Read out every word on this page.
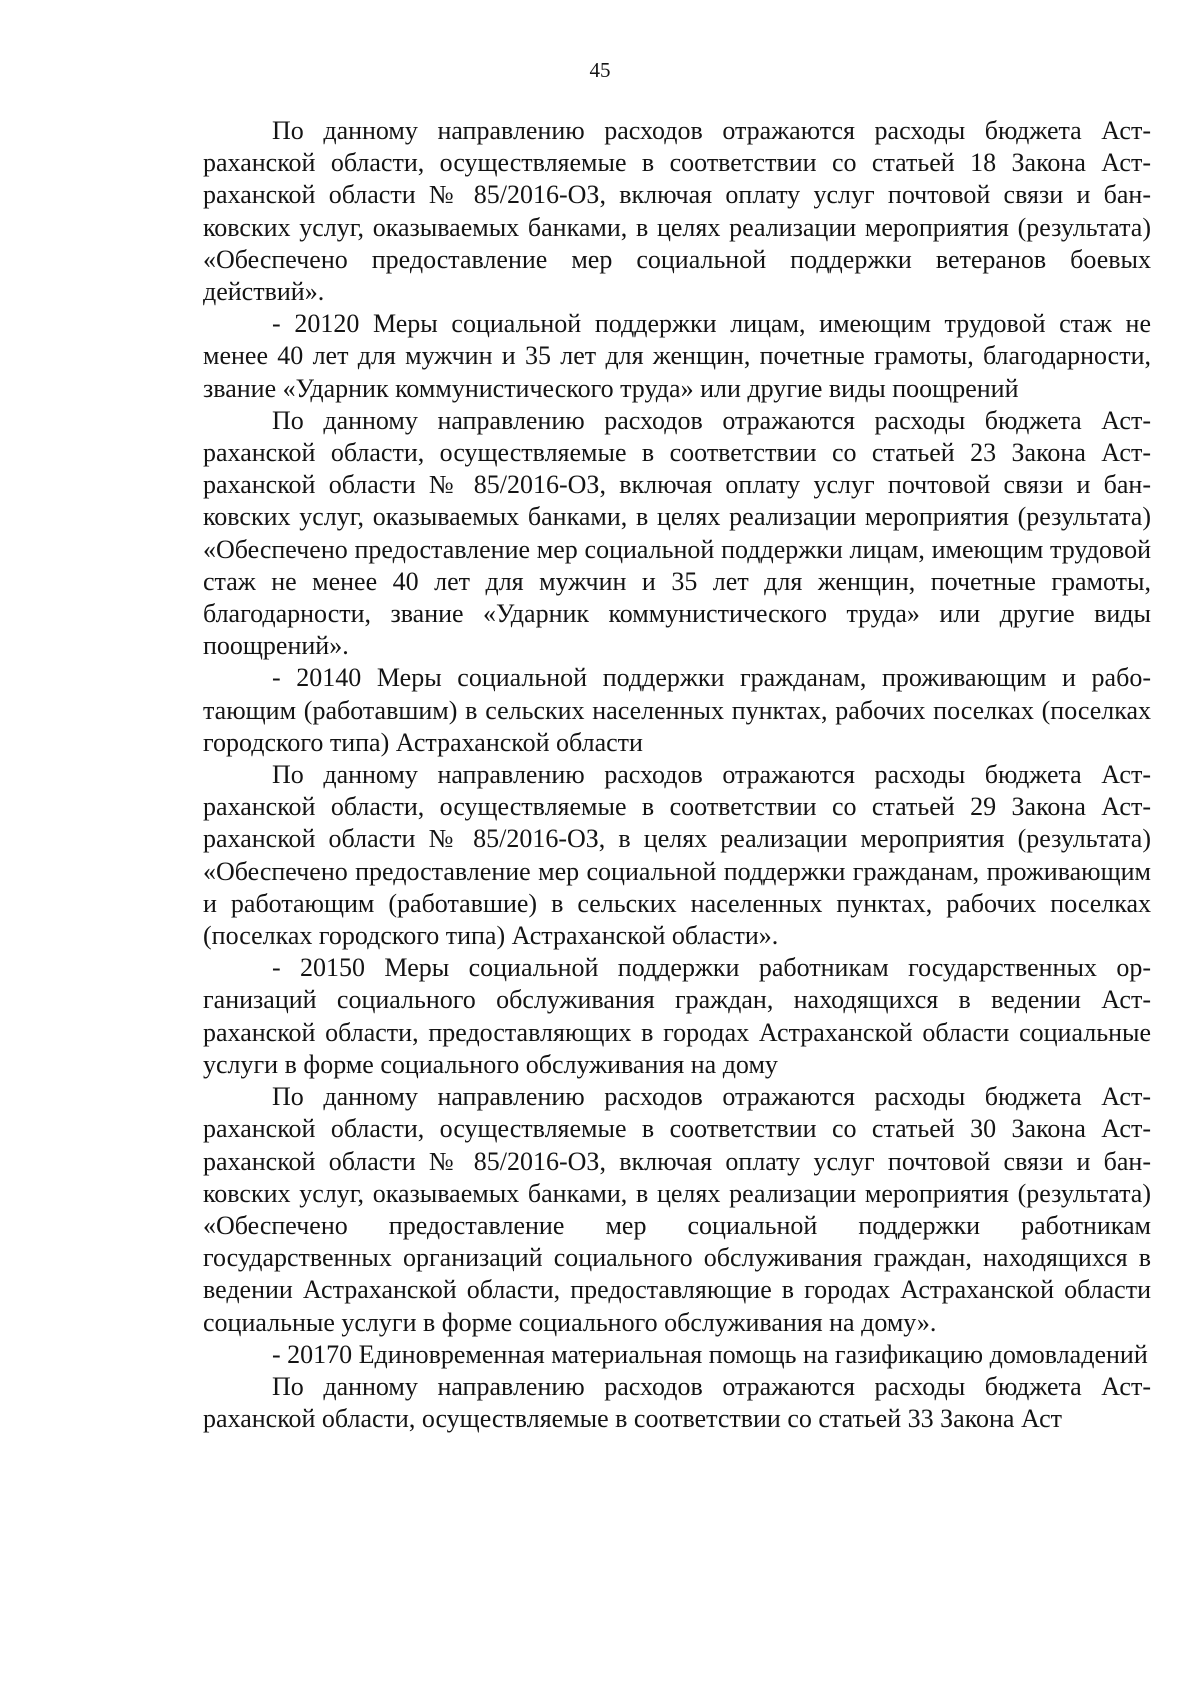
45

По данному направлению расходов отражаются расходы бюджета Астраханской области, осуществляемые в соответствии со статьей 18 Закона Астраханской области № 85/2016-ОЗ, включая оплату услуг почтовой связи и банковских услуг, оказываемых банками, в целях реализации мероприятия (результата) «Обеспечено предоставление мер социальной поддержки ветеранов боевых действий».

- 20120 Меры социальной поддержки лицам, имеющим трудовой стаж не менее 40 лет для мужчин и 35 лет для женщин, почетные грамоты, благодарности, звание «Ударник коммунистического труда» или другие виды поощрений

По данному направлению расходов отражаются расходы бюджета Астраханской области, осуществляемые в соответствии со статьей 23 Закона Астраханской области № 85/2016-ОЗ, включая оплату услуг почтовой связи и банковских услуг, оказываемых банками, в целях реализации мероприятия (результата) «Обеспечено предоставление мер социальной поддержки лицам, имеющим трудовой стаж не менее 40 лет для мужчин и 35 лет для женщин, почетные грамоты, благодарности, звание «Ударник коммунистического труда» или другие виды поощрений».

- 20140 Меры социальной поддержки гражданам, проживающим и работающим (работавшим) в сельских населенных пунктах, рабочих поселках (поселках городского типа) Астраханской области

По данному направлению расходов отражаются расходы бюджета Астраханской области, осуществляемые в соответствии со статьей 29 Закона Астраханской области № 85/2016-ОЗ, в целях реализации мероприятия (результата) «Обеспечено предоставление мер социальной поддержки гражданам, проживающим и работающим (работавшие) в сельских населенных пунктах, рабочих поселках (поселках городского типа) Астраханской области».

- 20150 Меры социальной поддержки работникам государственных организаций социального обслуживания граждан, находящихся в ведении Астраханской области, предоставляющих в городах Астраханской области социальные услуги в форме социального обслуживания на дому

По данному направлению расходов отражаются расходы бюджета Астраханской области, осуществляемые в соответствии со статьей 30 Закона Астраханской области № 85/2016-ОЗ, включая оплату услуг почтовой связи и банковских услуг, оказываемых банками, в целях реализации мероприятия (результата) «Обеспечено предоставление мер социальной поддержки работникам государственных организаций социального обслуживания граждан, находящихся в ведении Астраханской области, предоставляющие в городах Астраханской области социальные услуги в форме социального обслуживания на дому».

- 20170 Единовременная материальная помощь на газификацию домовладений

По данному направлению расходов отражаются расходы бюджета Астраханской области, осуществляемые в соответствии со статьей 33 Закона Аст
